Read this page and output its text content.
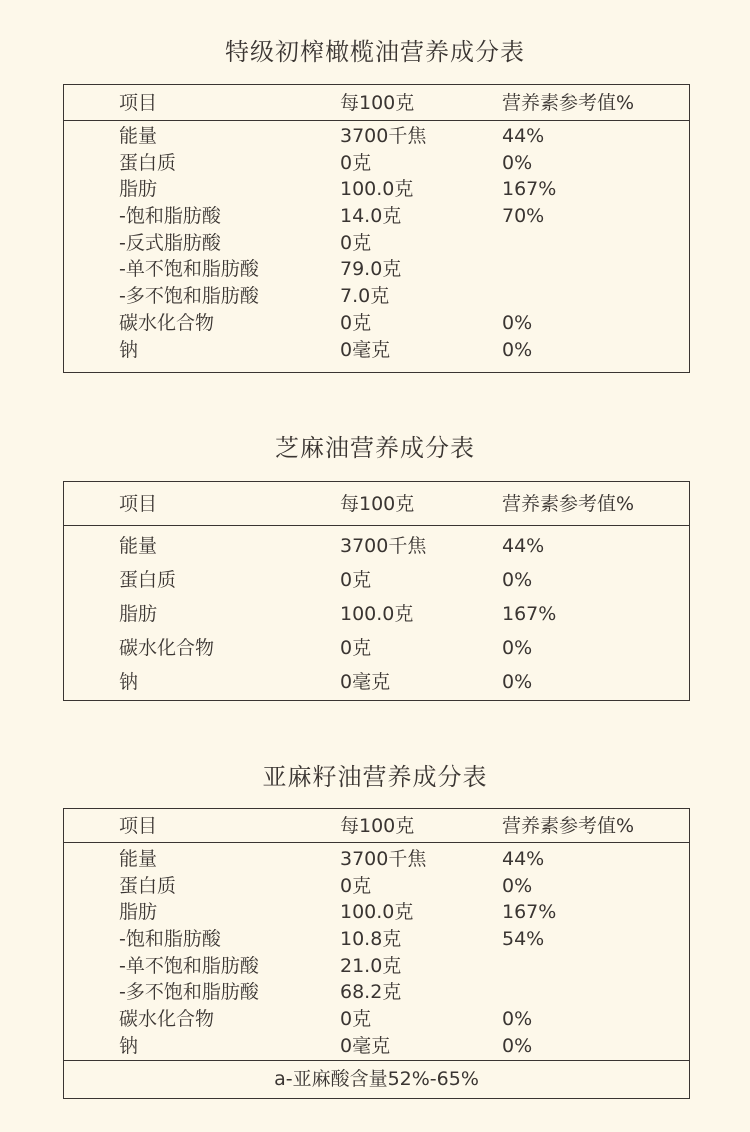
特级初榨橄榄油营养成分表
项目	每100克	营养素参考值%
能量	3700千焦	44%
蛋白质	0克	0%
脂肪	100.0克	167%
-饱和脂肪酸	14.0克	70%
-反式脂肪酸	0克
-单不饱和脂肪酸	79.0克
-多不饱和脂肪酸	7.0克
碳水化合物	0克	0%
钠	0毫克	0%
芝麻油营养成分表
项目	每100克	营养素参考值%
能量	3700千焦	44%
蛋白质	0克	0%
脂肪	100.0克	167%
碳水化合物	0克	0%
钠	0毫克	0%
亚麻籽油营养成分表
项目	每100克	营养素参考值%
能量	3700千焦	44%
蛋白质	0克	0%
脂肪	100.0克	167%
-饱和脂肪酸	10.8克	54%
-单不饱和脂肪酸	21.0克
-多不饱和脂肪酸	68.2克
碳水化合物	0克	0%
钠	0毫克	0%
a-亚麻酸含量52%-65%
